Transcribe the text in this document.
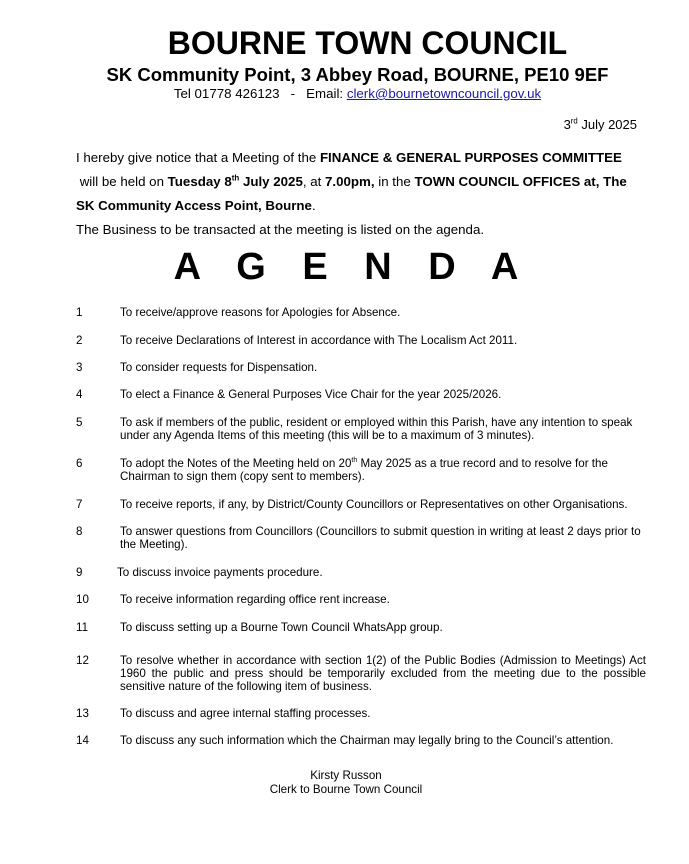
BOURNE TOWN COUNCIL
SK Community Point, 3 Abbey Road, BOURNE, PE10 9EF
Tel 01778 426123   -   Email: clerk@bournetowncouncil.gov.uk
3rd July 2025

I hereby give notice that a Meeting of the FINANCE & GENERAL PURPOSES COMMITTEE will be held on Tuesday 8th July 2025, at 7.00pm, in the TOWN COUNCIL OFFICES at, The SK Community Access Point, Bourne.

The Business to be transacted at the meeting is listed on the agenda.

A G E N D A
1	To receive/approve reasons for Apologies for Absence.
2	To receive Declarations of Interest in accordance with The Localism Act 2011.
3	To consider requests for Dispensation.
4	To elect a Finance & General Purposes Vice Chair for the year 2025/2026.
5	To ask if members of the public, resident or employed within this Parish, have any intention to speak under any Agenda Items of this meeting (this will be to a maximum of 3 minutes).
6	To adopt the Notes of the Meeting held on 20th May 2025 as a true record and to resolve for the Chairman to sign them (copy sent to members).
7	To receive reports, if any, by District/County Councillors or Representatives on other Organisations.
8	To answer questions from Councillors (Councillors to submit question in writing at least 2 days prior to the Meeting).
9	To discuss invoice payments procedure.
10	To receive information regarding office rent increase.
11	To discuss setting up a Bourne Town Council WhatsApp group.
12	To resolve whether in accordance with section 1(2) of the Public Bodies (Admission to Meetings) Act 1960 the public and press should be temporarily excluded from the meeting due to the possible sensitive nature of the following item of business.
13	To discuss and agree internal staffing processes.
14	To discuss any such information which the Chairman may legally bring to the Council’s attention.
Kirsty Russon
Clerk to Bourne Town Council
